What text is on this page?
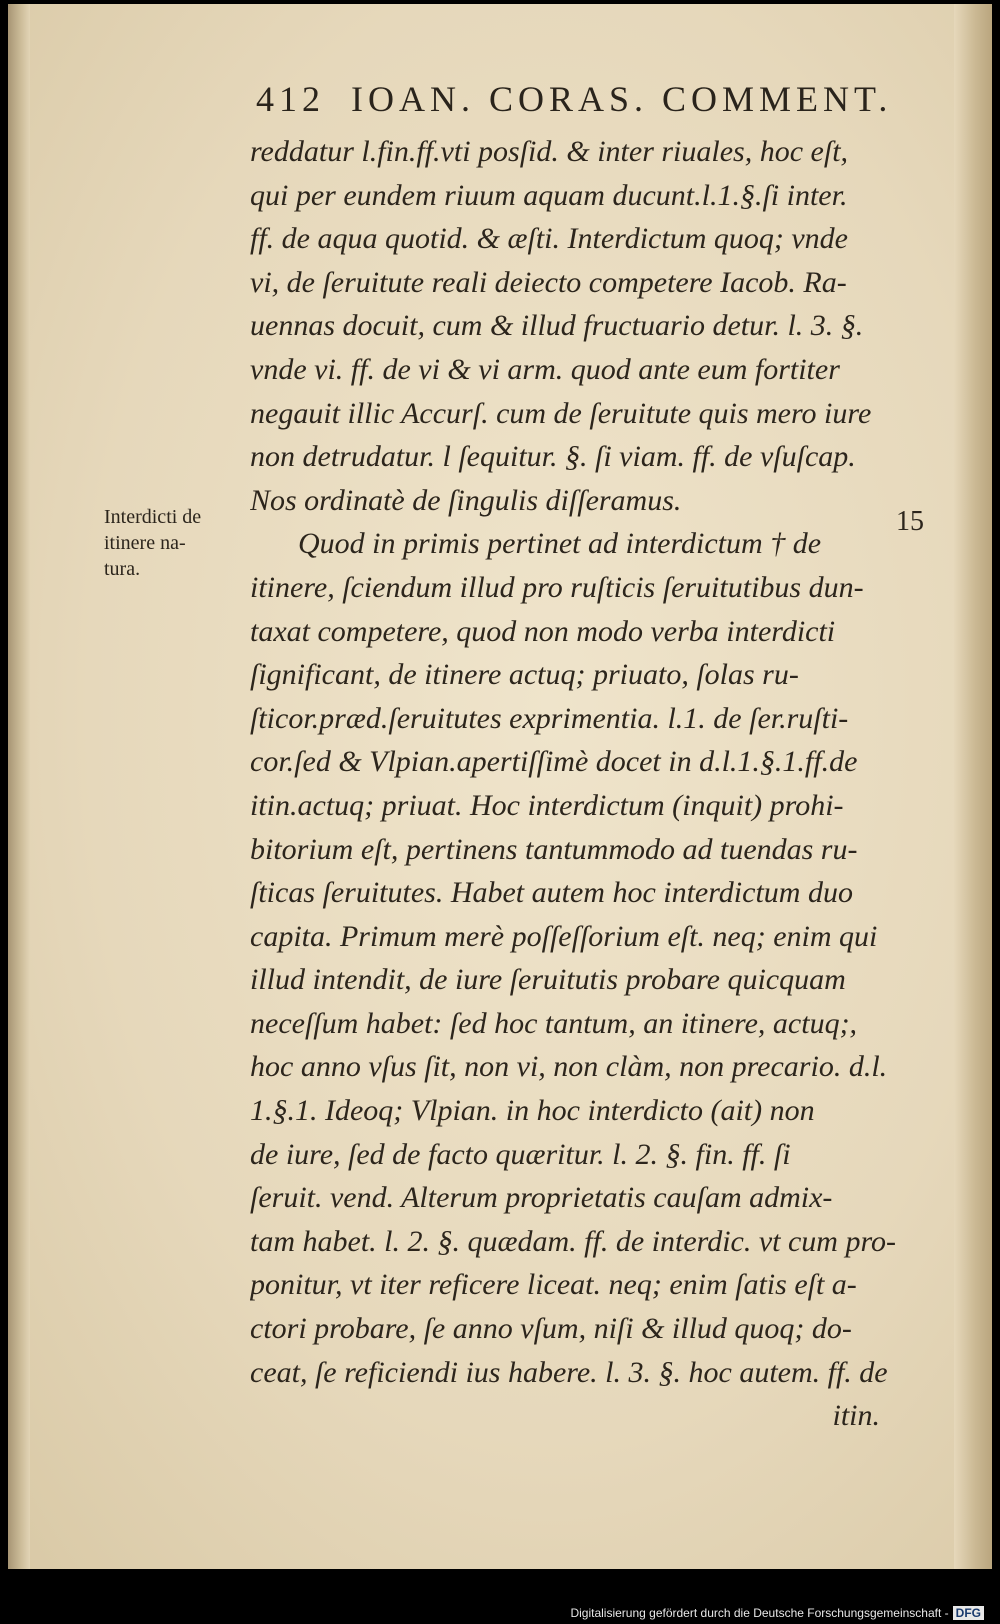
412 IOAN. CORAS. COMMENT.
Interdicti de
itinere na-
tura.
15
reddatur l.fin.ff.vti posſid. & inter riuales, hoc eſt,
qui per eundem riuum aquam ducunt.l.1.§.ſi inter.
ff. de aqua quotid. & æſti. Interdictum quoq; vnde
vi, de ſeruitute reali deiecto competere Iacob. Ra-
uennas docuit, cum & illud fructuario detur. l. 3. §.
vnde vi. ff. de vi & vi arm. quod ante eum fortiter
negauit illic Accurſ. cum de ſeruitute quis mero iure
non detrudatur. l ſequitur. §. ſi viam. ff. de vſuſcap.
Nos ordinatè de ſingulis diſſeramus.
Quod in primis pertinet ad interdictum † de
itinere, ſciendum illud pro ruſticis ſeruitutibus dun-
taxat competere, quod non modo verba interdicti
ſignificant, de itinere actuq; priuato, ſolas ru-
ſticor.præd.ſeruitutes exprimentia. l.1. de ſer.ruſti-
cor.ſed & Vlpian.apertiſſimè docet in d.l.1.§.1.ff.de
itin.actuq; priuat. Hoc interdictum (inquit) prohi-
bitorium eſt, pertinens tantummodo ad tuendas ru-
ſticas ſeruitutes. Habet autem hoc interdictum duo
capita. Primum merè poſſeſſorium eſt. neq; enim qui
illud intendit, de iure ſeruitutis probare quicquam
neceſſum habet: ſed hoc tantum, an itinere, actuq;,
hoc anno vſus ſit, non vi, non clàm, non precario. d.l.
1.§.1. Ideoq; Vlpian. in hoc interdicto (ait) non
de iure, ſed de facto quæritur. l. 2. §. fin. ff. ſi
ſeruit. vend. Alterum proprietatis cauſam admix-
tam habet. l. 2. §. quædam. ff. de interdic. vt cum pro-
ponitur, vt iter reficere liceat. neq; enim ſatis eſt a-
ctori probare, ſe anno vſum, niſi & illud quoq; do-
ceat, ſe reficiendi ius habere. l. 3. §. hoc autem. ff. de
itin.
Digitalisierung gefördert durch die Deutsche Forschungsgemeinschaft - DFG
